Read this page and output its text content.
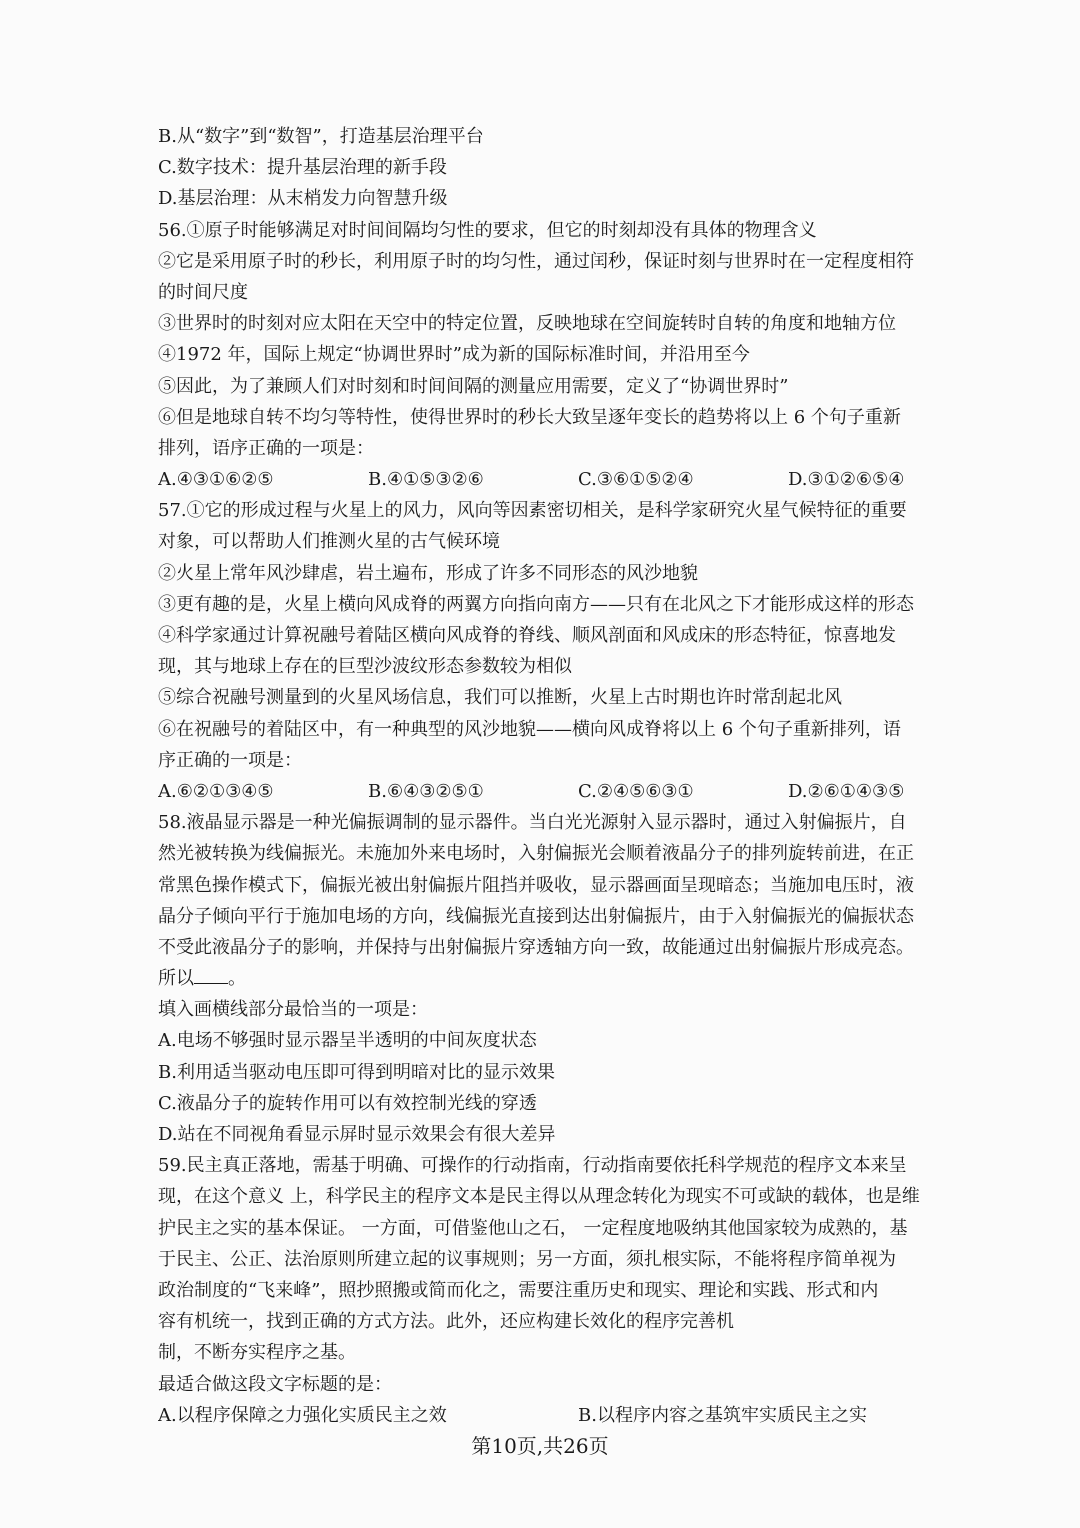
B.从“数字”到“数智”，打造基层治理平台
C.数字技术：提升基层治理的新手段
D.基层治理：从末梢发力向智慧升级
56.①原子时能够满足对时间间隔均匀性的要求，但它的时刻却没有具体的物理含义
②它是采用原子时的秒长，利用原子时的均匀性，通过闰秒，保证时刻与世界时在一定程度相符
的时间尺度
③世界时的时刻对应太阳在天空中的特定位置，反映地球在空间旋转时自转的角度和地轴方位
④1972 年，国际上规定“协调世界时”成为新的国际标准时间，并沿用至今
⑤因此，为了兼顾人们对时刻和时间间隔的测量应用需要，定义了“协调世界时”
⑥但是地球自转不均匀等特性，使得世界时的秒长大致呈逐年变长的趋势将以上 6 个句子重新
排列，语序正确的一项是：
A.④③①⑥②⑤	B.④①⑤③②⑥	C.③⑥①⑤②④	D.③①②⑥⑤④
57.①它的形成过程与火星上的风力，风向等因素密切相关，是科学家研究火星气候特征的重要
对象，可以帮助人们推测火星的古气候环境
②火星上常年风沙肆虐，岩土遍布，形成了许多不同形态的风沙地貌
③更有趣的是，火星上横向风成脊的两翼方向指向南方——只有在北风之下才能形成这样的形态
④科学家通过计算祝融号着陆区横向风成脊的脊线、顺风剖面和风成床的形态特征，惊喜地发
现，其与地球上存在的巨型沙波纹形态参数较为相似
⑤综合祝融号测量到的火星风场信息，我们可以推断，火星上古时期也许时常刮起北风
⑥在祝融号的着陆区中，有一种典型的风沙地貌——横向风成脊将以上 6 个句子重新排列，语
序正确的一项是：
A.⑥②①③④⑤	B.⑥④③②⑤①	C.②④⑤⑥③①	D.②⑥①④③⑤
58.液晶显示器是一种光偏振调制的显示器件。当白光光源射入显示器时，通过入射偏振片，自
然光被转换为线偏振光。未施加外来电场时，入射偏振光会顺着液晶分子的排列旋转前进，在正
常黑色操作模式下，偏振光被出射偏振片阻挡并吸收，显示器画面呈现暗态；当施加电压时，液
晶分子倾向平行于施加电场的方向，线偏振光直接到达出射偏振片，由于入射偏振光的偏振状态
不受此液晶分子的影响，并保持与出射偏振片穿透轴方向一致，故能通过出射偏振片形成亮态。
所以 。
填入画横线部分最恰当的一项是：
A.电场不够强时显示器呈半透明的中间灰度状态
B.利用适当驱动电压即可得到明暗对比的显示效果
C.液晶分子的旋转作用可以有效控制光线的穿透
D.站在不同视角看显示屏时显示效果会有很大差异
59.民主真正落地，需基于明确、可操作的行动指南，行动指南要依托科学规范的程序文本来呈
现，在这个意义 上，科学民主的程序文本是民主得以从理念转化为现实不可或缺的载体，也是维
护民主之实的基本保证。 一方面，可借鉴他山之石， 一定程度地吸纳其他国家较为成熟的，基
于民主、公正、法治原则所建立起的议事规则；另一方面，须扎根实际，不能将程序简单视为
政治制度的“飞来峰”，照抄照搬或简而化之，需要注重历史和现实、理论和实践、形式和内
容有机统一，找到正确的方式方法。此外，还应构建长效化的程序完善机
制，不断夯实程序之基。
最适合做这段文字标题的是：
A.以程序保障之力强化实质民主之效	B.以程序内容之基筑牢实质民主之实
第10页,共26页
